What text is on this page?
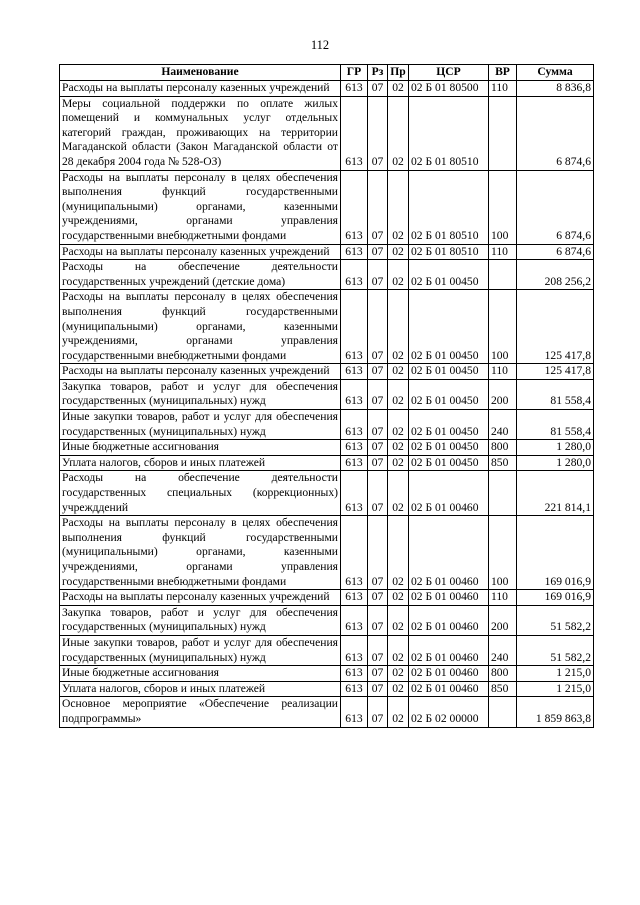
112
Наименование	ГР	Рз	Пр	ЦСР	ВР	Сумма
Расходы на выплаты персоналу казенных учреждений	613	07	02	02 Б 01 80500	110	8 836,8
Меры социальной поддержки по оплате жилых помещений и коммунальных услуг отдельных категорий граждан, проживающих на территории Магаданской области (Закон Магаданской области от 28 декабря 2004 года № 528-ОЗ)	613	07	02	02 Б 01 80510		6 874,6
Расходы на выплаты персоналу в целях обеспечения выполнения функций государственными (муниципальными) органами, казенными учреждениями, органами управления государственными внебюджетными фондами	613	07	02	02 Б 01 80510	100	6 874,6
Расходы на выплаты персоналу казенных учреждений	613	07	02	02 Б 01 80510	110	6 874,6
Расходы на обеспечение деятельности государственных учреждений (детские дома)	613	07	02	02 Б 01 00450		208 256,2
Расходы на выплаты персоналу в целях обеспечения выполнения функций государственными (муниципальными) органами, казенными учреждениями, органами управления государственными внебюджетными фондами	613	07	02	02 Б 01 00450	100	125 417,8
Расходы на выплаты персоналу казенных учреждений	613	07	02	02 Б 01 00450	110	125 417,8
Закупка товаров, работ и услуг для обеспечения государственных (муниципальных) нужд	613	07	02	02 Б 01 00450	200	81 558,4
Иные закупки товаров, работ и услуг для обеспечения государственных (муниципальных) нужд	613	07	02	02 Б 01 00450	240	81 558,4
Иные бюджетные ассигнования	613	07	02	02 Б 01 00450	800	1 280,0
Уплата налогов, сборов и иных платежей	613	07	02	02 Б 01 00450	850	1 280,0
Расходы на обеспечение деятельности государственных специальных (коррекционных) учрежддений	613	07	02	02 Б 01 00460		221 814,1
Расходы на выплаты персоналу в целях обеспечения выполнения функций государственными (муниципальными) органами, казенными учреждениями, органами управления государственными внебюджетными фондами	613	07	02	02 Б 01 00460	100	169 016,9
Расходы на выплаты персоналу казенных учреждений	613	07	02	02 Б 01 00460	110	169 016,9
Закупка товаров, работ и услуг для обеспечения государственных (муниципальных) нужд	613	07	02	02 Б 01 00460	200	51 582,2
Иные закупки товаров, работ и услуг для обеспечения государственных (муниципальных) нужд	613	07	02	02 Б 01 00460	240	51 582,2
Иные бюджетные ассигнования	613	07	02	02 Б 01 00460	800	1 215,0
Уплата налогов, сборов и иных платежей	613	07	02	02 Б 01 00460	850	1 215,0
Основное мероприятие «Обеспечение реализации подпрограммы»	613	07	02	02 Б 02 00000		1 859 863,8
